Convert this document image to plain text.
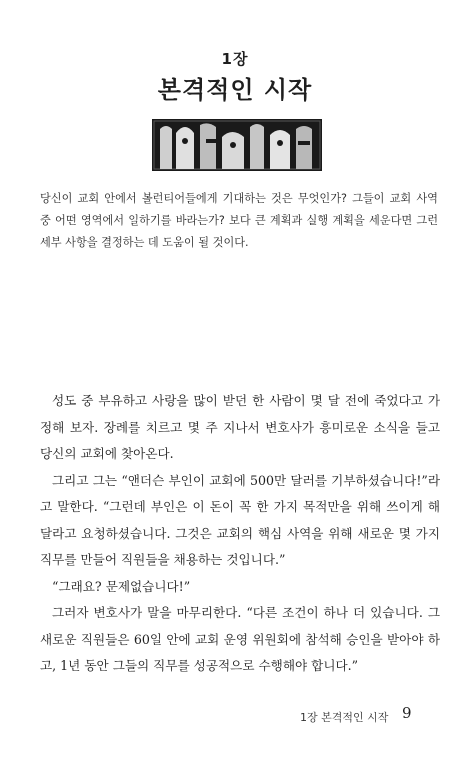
1장
본격적인 시작

당신이 교회 안에서 볼런티어들에게 기대하는 것은 무엇인가? 그들이 교회 사역 중 어떤 영역에서 일하기를 바라는가? 보다 큰 계획과 실행 계획을 세운다면 그런 세부 사항을 결정하는 데 도움이 될 것이다.

성도 중 부유하고 사랑을 많이 받던 한 사람이 몇 달 전에 죽었다고 가정해 보자. 장례를 치르고 몇 주 지나서 변호사가 흥미로운 소식을 들고 당신의 교회에 찾아온다.

그리고 그는 “앤더슨 부인이 교회에 500만 달러를 기부하셨습니다!”라고 말한다. “그런데 부인은 이 돈이 꼭 한 가지 목적만을 위해 쓰이게 해 달라고 요청하셨습니다. 그것은 교회의 핵심 사역을 위해 새로운 몇 가지 직무를 만들어 직원들을 채용하는 것입니다.”

“그래요? 문제없습니다!”

그러자 변호사가 말을 마무리한다. “다른 조건이 하나 더 있습니다. 그 새로운 직원들은 60일 안에 교회 운영 위원회에 참석해 승인을 받아야 하고, 1년 동안 그들의 직무를 성공적으로 수행해야 합니다.”

1장 본격적인 시작 9
